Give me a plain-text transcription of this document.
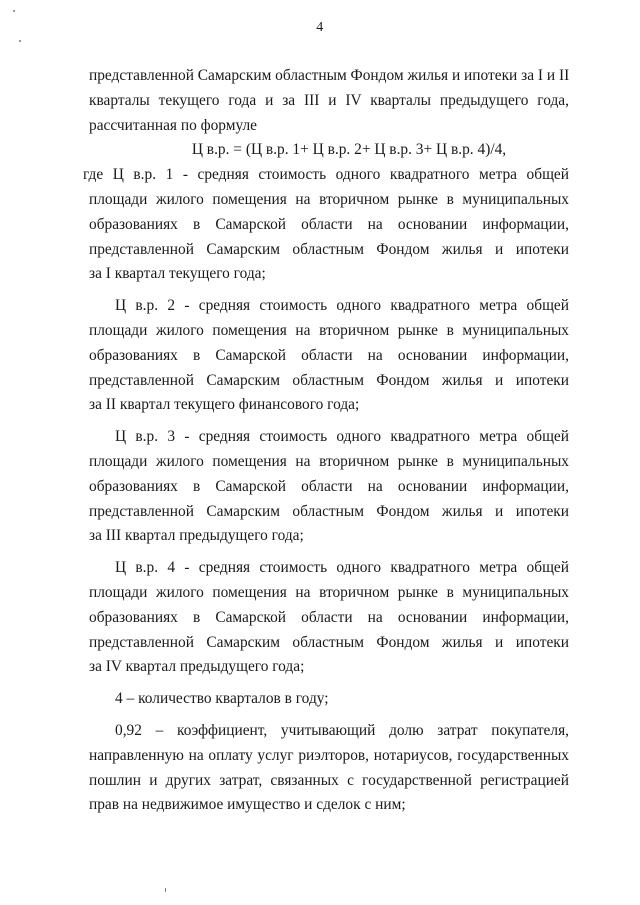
4
представленной Самарским областным Фондом жилья и ипотеки за I и II
кварталы текущего года и за III и IV кварталы предыдущего года,
рассчитанная по формуле
Ц в.р. = (Ц в.р. 1+ Ц в.р. 2+ Ц в.р. 3+ Ц в.р. 4)/4,
где Ц в.р. 1 - средняя стоимость одного квадратного метра общей
площади жилого помещения на вторичном рынке в муниципальных
образованиях в Самарской области на основании информации,
представленной Самарским областным Фондом жилья и ипотеки
за I квартал текущего года;
Ц в.р. 2 - средняя стоимость одного квадратного метра общей
площади жилого помещения на вторичном рынке в муниципальных
образованиях в Самарской области на основании информации,
представленной Самарским областным Фондом жилья и ипотеки
за II квартал текущего финансового года;
Ц в.р. 3 - средняя стоимость одного квадратного метра общей
площади жилого помещения на вторичном рынке в муниципальных
образованиях в Самарской области на основании информации,
представленной Самарским областным Фондом жилья и ипотеки
за III квартал предыдущего года;
Ц в.р. 4 - средняя стоимость одного квадратного метра общей
площади жилого помещения на вторичном рынке в муниципальных
образованиях в Самарской области на основании информации,
представленной Самарским областным Фондом жилья и ипотеки
за IV квартал предыдущего года;
4 – количество кварталов в году;
0,92 – коэффициент, учитывающий долю затрат покупателя,
направленную на оплату услуг риэлторов, нотариусов, государственных
пошлин и других затрат, связанных с государственной регистрацией
прав на недвижимое имущество и сделок с ним;
